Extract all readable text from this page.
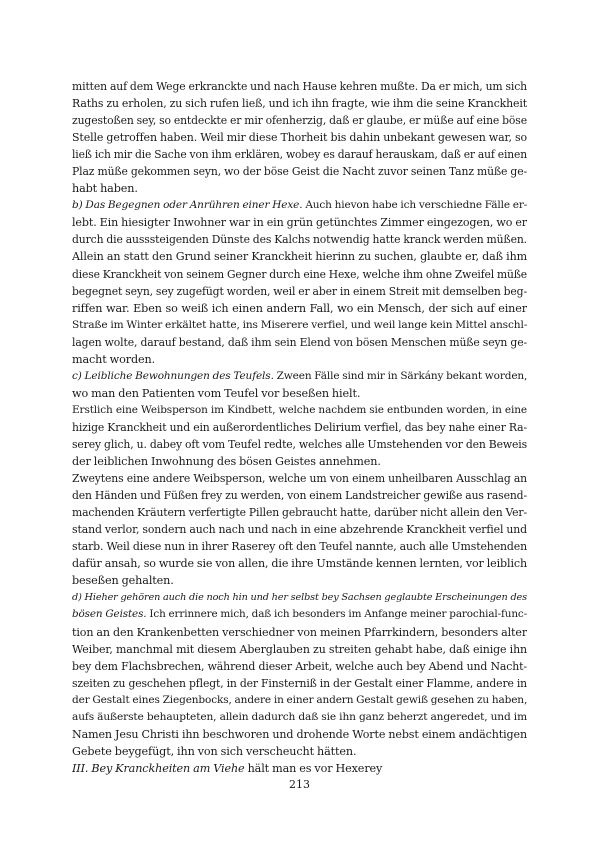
mitten auf dem Wege erkranckte und nach Hause kehren mußte. Da er mich, um sich
Raths zu erholen, zu sich rufen ließ, und ich ihn fragte, wie ihm die seine Kranckheit
zugestoßen sey, so entdeckte er mir ofenherzig, daß er glaube, er müße auf eine böse
Stelle getroffen haben. Weil mir diese Thorheit bis dahin unbekant gewesen war, so
ließ ich mir die Sache von ihm erklären, wobey es darauf herauskam, daß er auf einen
Plaz müße gekommen seyn, wo der böse Geist die Nacht zuvor seinen Tanz müße ge-
habt haben.
b) Das Begegnen oder Anrühren einer Hexe. Auch hievon habe ich verschiedne Fälle er-
lebt. Ein hiesigter Inwohner war in ein grün getünchtes Zimmer eingezogen, wo er
durch die ausssteigenden Dünste des Kalchs notwendig hatte kranck werden müßen.
Allein an statt den Grund seiner Kranckheit hierinn zu suchen, glaubte er, daß ihm
diese Kranckheit von seinem Gegner durch eine Hexe, welche ihm ohne Zweifel müße
begegnet seyn, sey zugefügt worden, weil er aber in einem Streit mit demselben beg-
riffen war. Eben so weiß ich einen andern Fall, wo ein Mensch, der sich auf einer
Straße im Winter erkältet hatte, ins Miserere verfiel, und weil lange kein Mittel anschl-
lagen wolte, darauf bestand, daß ihm sein Elend von bösen Menschen müße seyn ge-
macht worden.
c) Leibliche Bewohnungen des Teufels. Zween Fälle sind mir in Särkány bekant worden,
wo man den Patienten vom Teufel vor beseßen hielt.
Erstlich eine Weibsperson im Kindbett, welche nachdem sie entbunden worden, in eine
hizige Kranckheit und ein außerordentliches Delirium verfiel, das bey nahe einer Ra-
serey glich, u. dabey oft vom Teufel redte, welches alle Umstehenden vor den Beweis
der leiblichen Inwohnung des bösen Geistes annehmen.
Zweytens eine andere Weibsperson, welche um von einem unheilbaren Ausschlag an
den Händen und Füßen frey zu werden, von einem Landstreicher gewiße aus rasend-
machenden Kräutern verfertigte Pillen gebraucht hatte, darüber nicht allein den Ver-
stand verlor, sondern auch nach und nach in eine abzehrende Kranckheit verfiel und
starb. Weil diese nun in ihrer Raserey oft den Teufel nannte, auch alle Umstehenden
dafür ansah, so wurde sie von allen, die ihre Umstände kennen lernten, vor leiblich
beseßen gehalten.
d) Hieher gehören auch die noch hin und her selbst bey Sachsen geglaubte Erscheinungen des
bösen Geistes. Ich errinnere mich, daß ich besonders im Anfange meiner parochial-func-
tion an den Krankenbetten verschiedner von meinen Pfarrkindern, besonders alter
Weiber, manchmal mit diesem Aberglauben zu streiten gehabt habe, daß einige ihn
bey dem Flachsbrechen, während dieser Arbeit, welche auch bey Abend und Nacht-
szeiten zu geschehen pflegt, in der Finsterniß in der Gestalt einer Flamme, andere in
der Gestalt eines Ziegenbocks, andere in einer andern Gestalt gewiß gesehen zu haben,
aufs äußerste behaupteten, allein dadurch daß sie ihn ganz beherzt angeredet, und im
Namen Jesu Christi ihn beschworen und drohende Worte nebst einem andächtigen
Gebete beygefügt, ihn von sich verscheucht hätten.
III. Bey Kranckheiten am Viehe hält man es vor Hexerey
213
